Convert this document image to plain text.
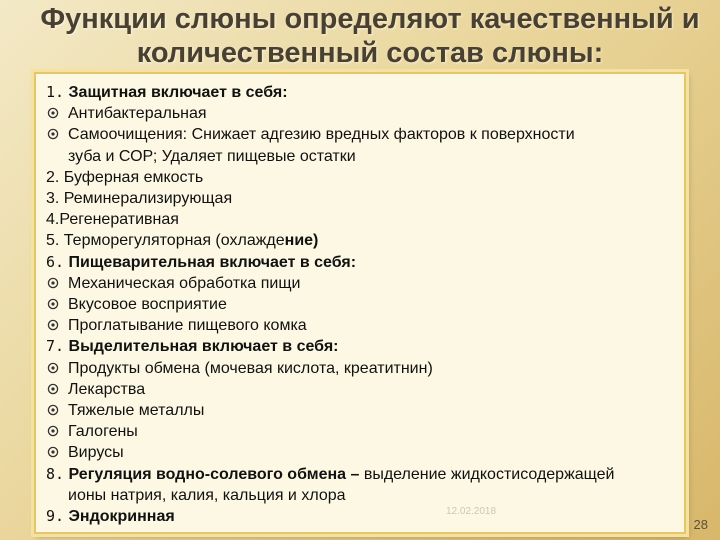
Функции слюны определяют качественный и
количественный состав слюны:
1. Защитная включает в себя:
Антибактеральная
Самоочищения: Снижает адгезию вредных факторов к поверхности
зуба и СОР; Удаляет пищевые остатки
2. Буферная емкость
3. Реминерализирующая
4.Регенеративная
5. Терморегуляторная (охлаждение)
6. Пищеварительная включает в себя:
Механическая обработка пищи
Вкусовое восприятие
Проглатывание пищевого комка
7. Выделительная включает в себя:
Продукты обмена (мочевая кислота, креатитнин)
Лекарства
Тяжелые металлы
Галогены
Вирусы
8. Регуляция водно-солевого обмена – выделение жидкостисодержащей
ионы натрия, калия, кальция и хлора
9. Эндокринная	12.02.2018
28
